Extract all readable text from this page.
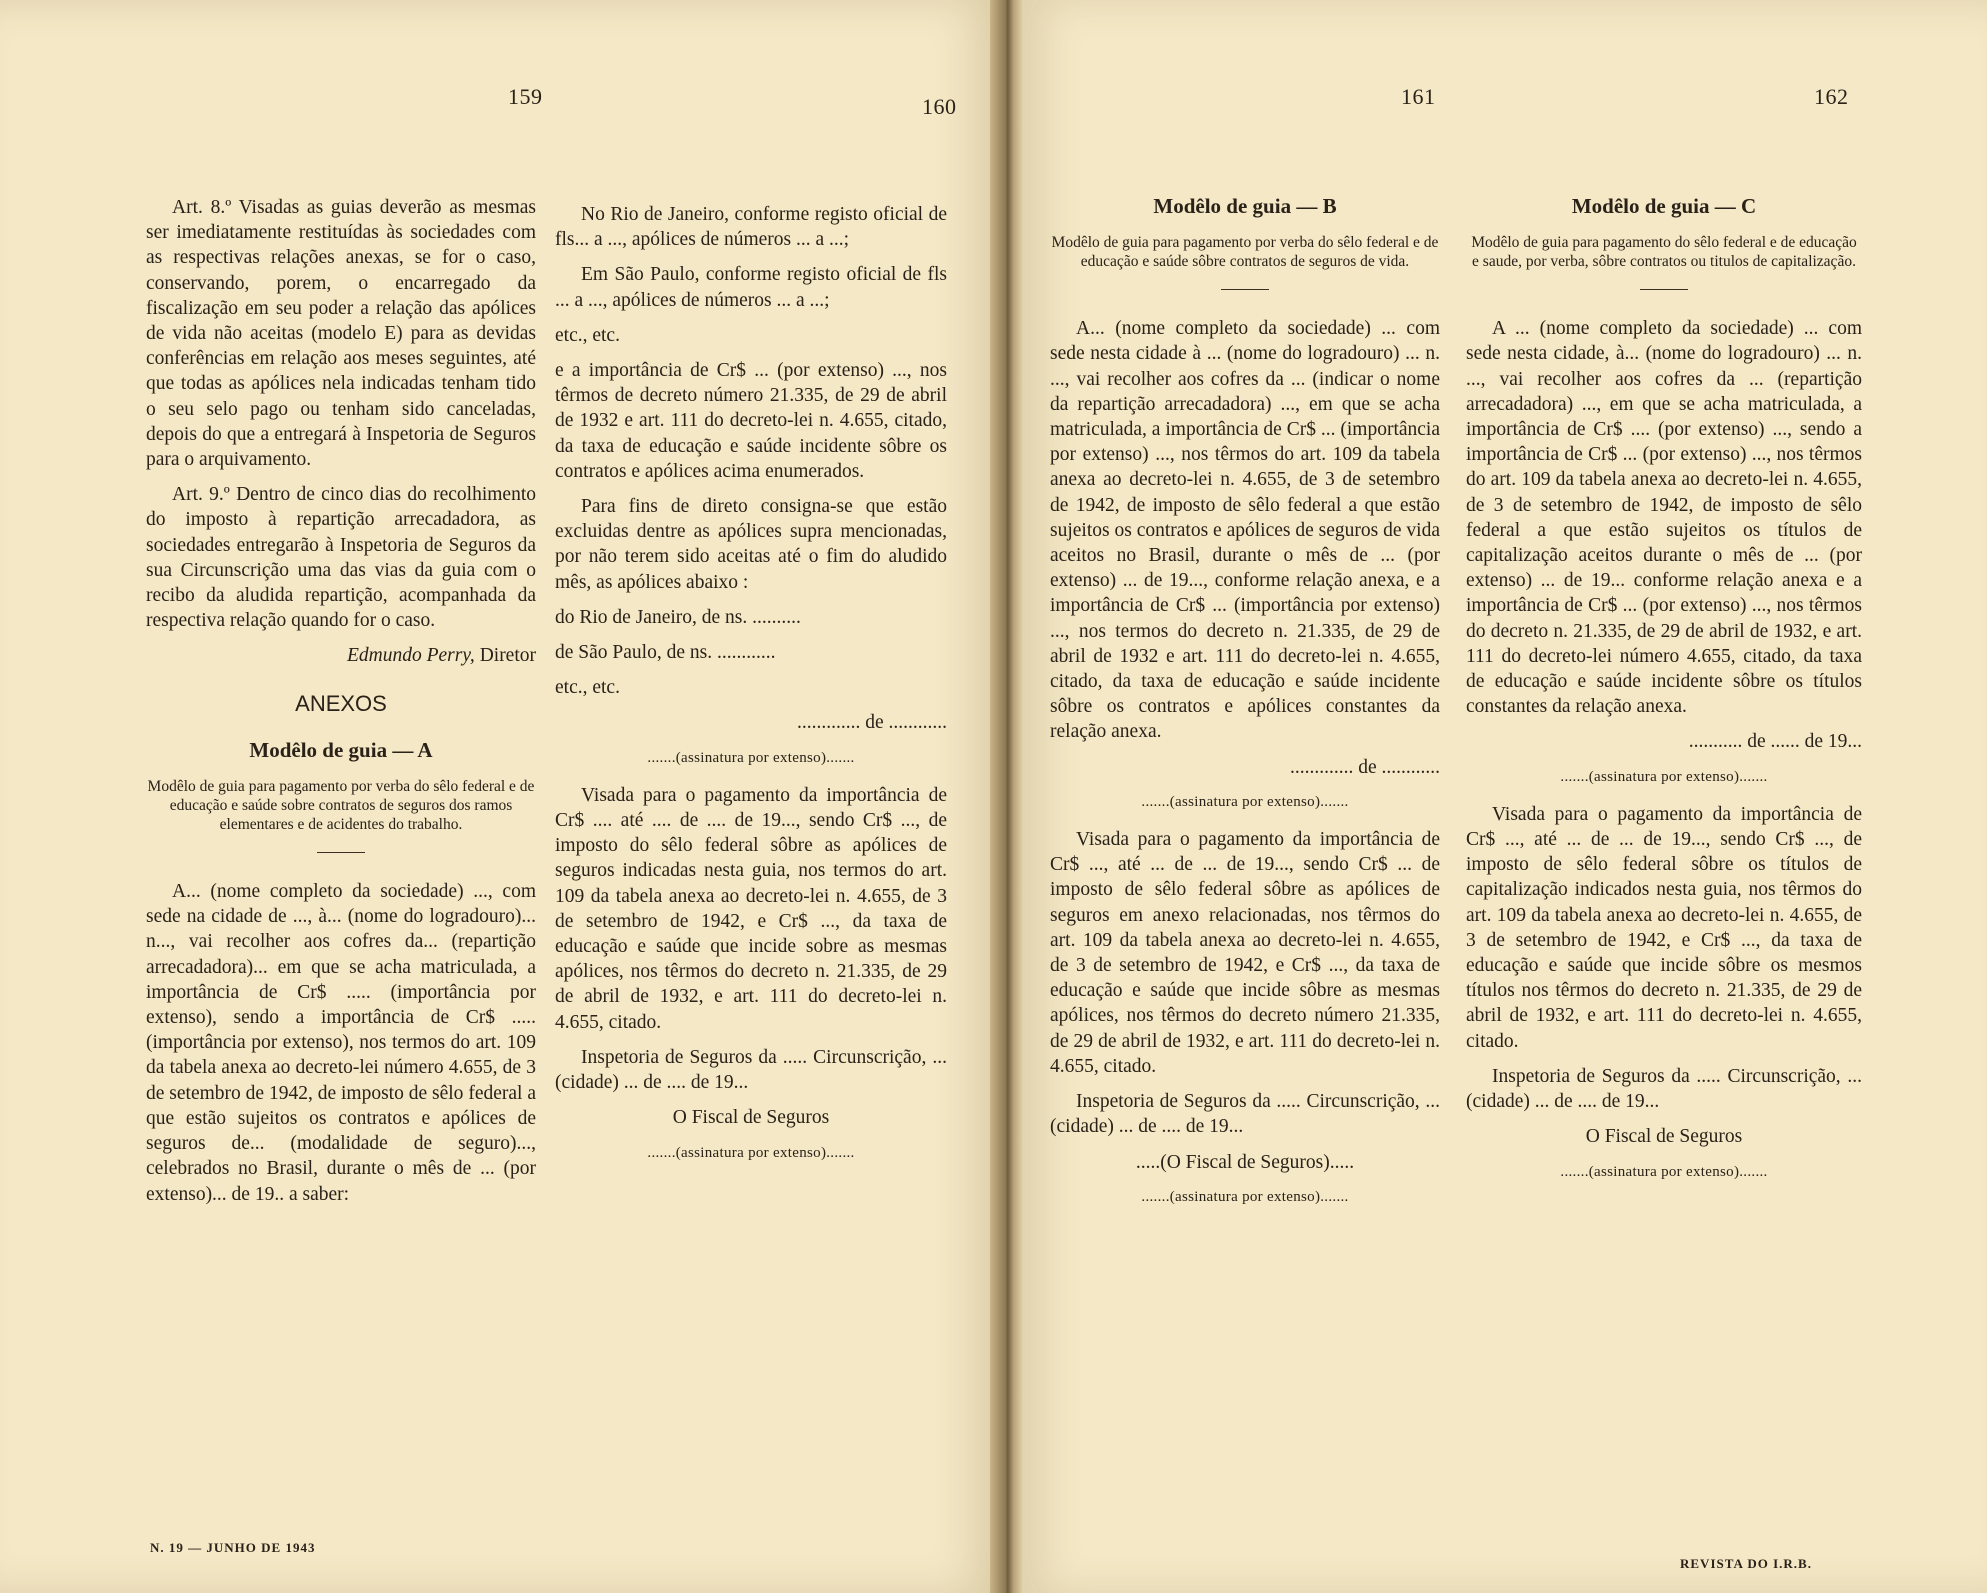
159	160	161	162

Art. 8.º Visadas as guias deverão as mesmas ser imediatamente restituídas às sociedades com as respectivas relações anexas, se for o caso, conservando, porem, o encarregado da fiscalização em seu poder a relação das apólices de vida não aceitas (modelo E) para as devidas conferências em relação aos meses seguintes, até que todas as apólices nela indicadas tenham tido o seu selo pago ou tenham sido canceladas, depois do que a entregará à Inspetoria de Seguros para o arquivamento.

Art. 9.º Dentro de cinco dias do recolhimento do imposto à repartição arrecadadora, as sociedades entregarão à Inspetoria de Seguros da sua Circunscrição uma das vias da guia com o recibo da aludida repartição, acompanhada da respectiva relação quando for o caso.

Edmundo Perry, Diretor

ANEXOS
Modêlo de guia — A
Modêlo de guia para pagamento por verba do sêlo federal e de educação e saúde sobre contratos de seguros dos ramos elementares e de acidentes do trabalho.

A... (nome completo da sociedade) ..., com sede na cidade de ..., à... (nome do logradouro)... n..., vai recolher aos cofres da... (repartição arrecadadora)... em que se acha matriculada, a importância de Cr$ ..... (importância por extenso), sendo a importância de Cr$ ..... (importância por extenso), nos termos do art. 109 da tabela anexa ao decreto-lei número 4.655, de 3 de setembro de 1942, de imposto de sêlo federal a que estão sujeitos os contratos e apólices de seguros de... (modalidade de seguro)..., celebrados no Brasil, durante o mês de ... (por extenso)... de 19.. a saber:

No Rio de Janeiro, conforme registo oficial de fls... a ..., apólices de números ... a ...;

Em São Paulo, conforme registo oficial de fls ... a ..., apólices de números ... a ...;

etc., etc.

e a importância de Cr$ ... (por extenso) ..., nos têrmos de decreto número 21.335, de 29 de abril de 1932 e art. 111 do decreto-lei n. 4.655, citado, da taxa de educação e saúde incidente sôbre os contratos e apólices acima enumerados.

Para fins de direto consigna-se que estão excluidas dentre as apólices supra mencionadas, por não terem sido aceitas até o fim do aludido mês, as apólices abaixo :

do Rio de Janeiro, de ns. ..........

de São Paulo, de ns. ............

etc., etc.

............. de ............

.......(assinatura por extenso).......

Visada para o pagamento da importância de Cr$ .... até .... de .... de 19..., sendo Cr$ ..., de imposto do sêlo federal sôbre as apólices de seguros indicadas nesta guia, nos termos do art. 109 da tabela anexa ao decreto-lei n. 4.655, de 3 de setembro de 1942, e Cr$ ..., da taxa de educação e saúde que incide sobre as mesmas apólices, nos têrmos do decreto n. 21.335, de 29 de abril de 1932, e art. 111 do decreto-lei n. 4.655, citado.

Inspetoria de Seguros da ..... Circunscrição, ... (cidade) ... de .... de 19...

O Fiscal de Seguros

.......(assinatura por extenso).......

Modêlo de guia — B
Modêlo de guia para pagamento por verba do sêlo federal e de educação e saúde sôbre contratos de seguros de vida.

A... (nome completo da sociedade) ... com sede nesta cidade à ... (nome do logradouro) ... n. ..., vai recolher aos cofres da ... (indicar o nome da repartição arrecadadora) ..., em que se acha matriculada, a importância de Cr$ ... (importância por extenso) ..., nos têrmos do art. 109 da tabela anexa ao decreto-lei n. 4.655, de 3 de setembro de 1942, de imposto de sêlo federal a que estão sujeitos os contratos e apólices de seguros de vida aceitos no Brasil, durante o mês de ... (por extenso) ... de 19..., conforme relação anexa, e a importância de Cr$ ... (importância por extenso) ..., nos termos do decreto n. 21.335, de 29 de abril de 1932 e art. 111 do decreto-lei n. 4.655, citado, da taxa de educação e saúde incidente sôbre os contratos e apólices constantes da relação anexa.

............. de ............

.......(assinatura por extenso).......

Visada para o pagamento da importância de Cr$ ..., até ... de ... de 19..., sendo Cr$ ... de imposto de sêlo federal sôbre as apólices de seguros em anexo relacionadas, nos têrmos do art. 109 da tabela anexa ao decreto-lei n. 4.655, de 3 de setembro de 1942, e Cr$ ..., da taxa de educação e saúde que incide sôbre as mesmas apólices, nos têrmos do decreto número 21.335, de 29 de abril de 1932, e art. 111 do decreto-lei n. 4.655, citado.

Inspetoria de Seguros da ..... Circunscrição, ... (cidade) ... de .... de 19...

.....(O Fiscal de Seguros).....

.......(assinatura por extenso).......

Modêlo de guia — C
Modêlo de guia para pagamento do sêlo federal e de educação e saude, por verba, sôbre contratos ou titulos de capitalização.

A ... (nome completo da sociedade) ... com sede nesta cidade, à... (nome do logradouro) ... n. ..., vai recolher aos cofres da ... (repartição arrecadadora) ..., em que se acha matriculada, a importância de Cr$ .... (por extenso) ..., sendo a importância de Cr$ ... (por extenso) ..., nos têrmos do art. 109 da tabela anexa ao decreto-lei n. 4.655, de 3 de setembro de 1942, de imposto de sêlo federal a que estão sujeitos os títulos de capitalização aceitos durante o mês de ... (por extenso) ... de 19... conforme relação anexa e a importância de Cr$ ... (por extenso) ..., nos têrmos do decreto n. 21.335, de 29 de abril de 1932, e art. 111 do decreto-lei número 4.655, citado, da taxa de educação e saúde incidente sôbre os títulos constantes da relação anexa.

........... de ...... de 19...

.......(assinatura por extenso).......

Visada para o pagamento da importância de Cr$ ..., até ... de ... de 19..., sendo Cr$ ..., de imposto de sêlo federal sôbre os títulos de capitalização indicados nesta guia, nos têrmos do art. 109 da tabela anexa ao decreto-lei n. 4.655, de 3 de setembro de 1942, e Cr$ ..., da taxa de educação e saúde que incide sôbre os mesmos títulos nos têrmos do decreto n. 21.335, de 29 de abril de 1932, e art. 111 do decreto-lei n. 4.655, citado.

Inspetoria de Seguros da ..... Circunscrição, ... (cidade) ... de .... de 19...

O Fiscal de Seguros

.......(assinatura por extenso).......

N. 19 — JUNHO DE 1943
REVISTA DO I.R.B.
